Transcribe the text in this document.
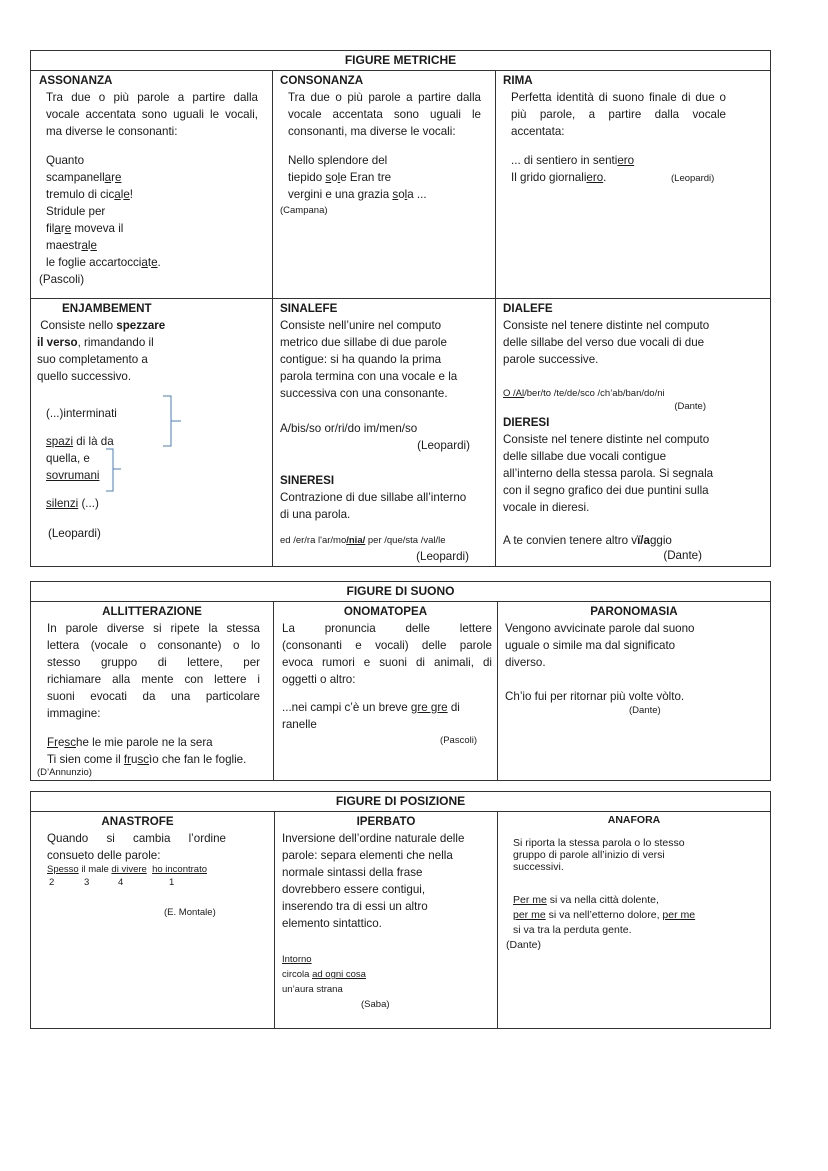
FIGURE METRICHE
ASSONANZA
Tra due o più parole a partire dalla
vocale accentata sono uguali le vocali,
ma diverse le consonanti:
Quanto
scampanellare
tremulo di cicale!
Stridule per
filare moveva il
maestrale
le foglie accartocciate.
(Pascoli)
CONSONANZA
Tra due o più parole a partire dalla
vocale accentata sono uguali le
consonanti, ma diverse le vocali:
Nello splendore del
tiepido sole Eran tre
vergini e una grazia sola ...
(Campana)
RIMA
Perfetta identità di suono finale di due o
più parole, a partire dalla vocale
accentata:
... di sentiero in sentiero
Il grido giornaliero.	(Leopardi)
ENJAMBEMENT
Consiste nello spezzare
il verso, rimandando il
suo completamento a
quello successivo.
(...)interminati
spazi di là da
quella, e
sovrumani
silenzi (...)
(Leopardi)
SINALEFE
Consiste nell’unire nel computo
metrico due sillabe di due parole
contigue: si ha quando la prima
parola termina con una vocale e la
successiva con una consonante.
A/bis/so or/ri/do im/men/so
(Leopardi)
SINERESI
Contrazione di due sillabe all’interno
di una parola.
ed /er/ra l'ar/mo/nia/ per /que/sta /val/le
(Leopardi)
DIALEFE
Consiste nel tenere distinte nel computo
delle sillabe del verso due vocali di due
parole successive.
O /Al/ber/to /te/de/sco /ch’ab/ban/do/ni
(Dante)
DIERESI
Consiste nel tenere distinte nel computo
delle sillabe due vocali contigue
all’interno della stessa parola. Si segnala
con il segno grafico dei due puntini sulla
vocale in dieresi.
A te convien tenere altro vï/aggio
(Dante)
FIGURE DI SUONO
ALLITTERAZIONE
In parole diverse si ripete la stessa
lettera (vocale o consonante) o lo
stesso gruppo di lettere, per
richiamare alla mente con lettere i
suoni evocati da una particolare
immagine:
Fresche le mie parole ne la sera
Ti sien come il fruscìo che fan le foglie.
(D’Annunzio)
ONOMATOPEA
La pronuncia delle lettere
(consonanti e vocali) delle parole
evoca rumori e suoni di animali, di
oggetti o altro:
...nei campi c’è un breve gre gre di
ranelle
(Pascoli)
PARONOMASIA
Vengono avvicinate parole dal suono
uguale o simile ma dal significato
diverso.
Ch’io fui per ritornar più volte vòlto.
(Dante)
FIGURE DI POSIZIONE
ANASTROFE
Quando si cambia l’ordine
consueto delle parole:
Spesso il male di vivere ho incontrato
2	3	4	1
(E. Montale)
IPERBATO
Inversione dell’ordine naturale delle
parole: separa elementi che nella
normale sintassi della frase
dovrebbero essere contigui,
inserendo tra di essi un altro
elemento sintattico.
Intorno
circola ad ogni cosa
un’aura strana
(Saba)
ANAFORA
Si riporta la stessa parola o lo stesso
gruppo di parole all’inizio di versi
successivi.
Per me si va nella città dolente,
per me si va nell’etterno dolore, per me
si va tra la perduta gente.
(Dante)
